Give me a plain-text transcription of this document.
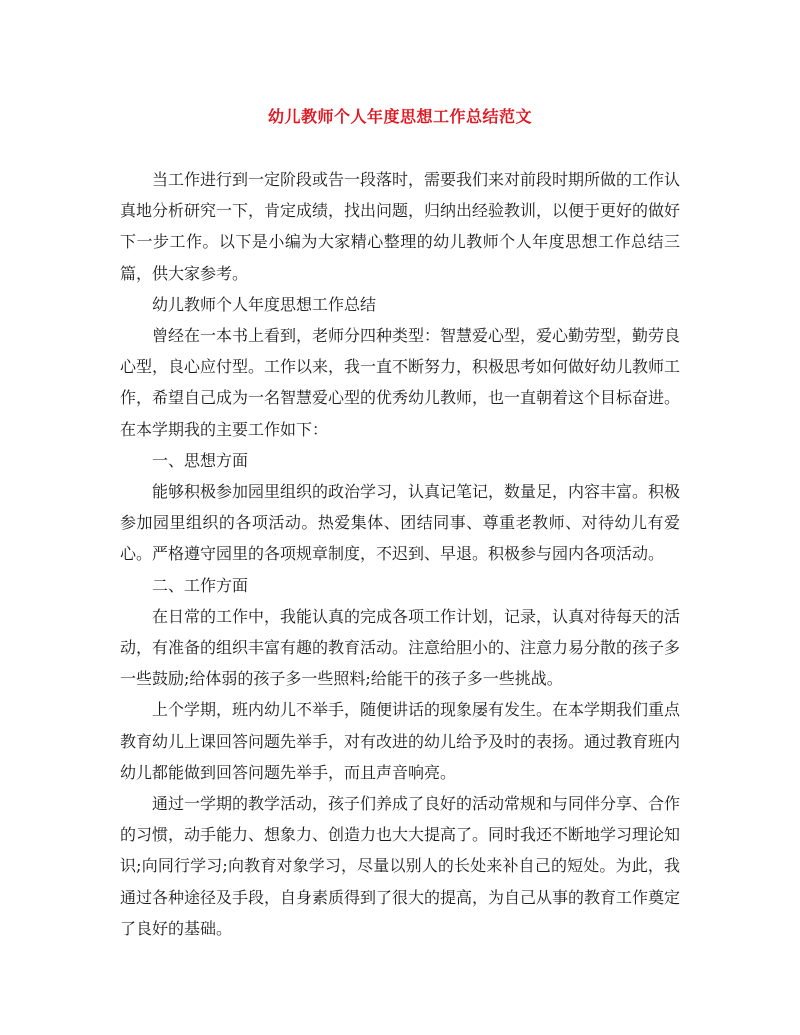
幼儿教师个人年度思想工作总结范文

当工作进行到一定阶段或告一段落时，需要我们来对前段时期所做的工作认真地分析研究一下，肯定成绩，找出问题，归纳出经验教训，以便于更好的做好下一步工作。以下是小编为大家精心整理的幼儿教师个人年度思想工作总结三篇，供大家参考。

幼儿教师个人年度思想工作总结

曾经在一本书上看到，老师分四种类型：智慧爱心型，爱心勤劳型，勤劳良心型，良心应付型。工作以来，我一直不断努力，积极思考如何做好幼儿教师工作，希望自己成为一名智慧爱心型的优秀幼儿教师，也一直朝着这个目标奋进。在本学期我的主要工作如下：

一、思想方面

能够积极参加园里组织的政治学习，认真记笔记，数量足，内容丰富。积极参加园里组织的各项活动。热爱集体、团结同事、尊重老教师、对待幼儿有爱心。严格遵守园里的各项规章制度，不迟到、早退。积极参与园内各项活动。

二、工作方面

在日常的工作中，我能认真的完成各项工作计划，记录，认真对待每天的活动，有准备的组织丰富有趣的教育活动。注意给胆小的、注意力易分散的孩子多一些鼓励;给体弱的孩子多一些照料;给能干的孩子多一些挑战。

上个学期，班内幼儿不举手，随便讲话的现象屡有发生。在本学期我们重点教育幼儿上课回答问题先举手，对有改进的幼儿给予及时的表扬。通过教育班内幼儿都能做到回答问题先举手，而且声音响亮。

通过一学期的教学活动，孩子们养成了良好的活动常规和与同伴分享、合作的习惯，动手能力、想象力、创造力也大大提高了。同时我还不断地学习理论知识;向同行学习;向教育对象学习，尽量以别人的长处来补自己的短处。为此，我通过各种途径及手段，自身素质得到了很大的提高，为自己从事的教育工作奠定了良好的基础。
